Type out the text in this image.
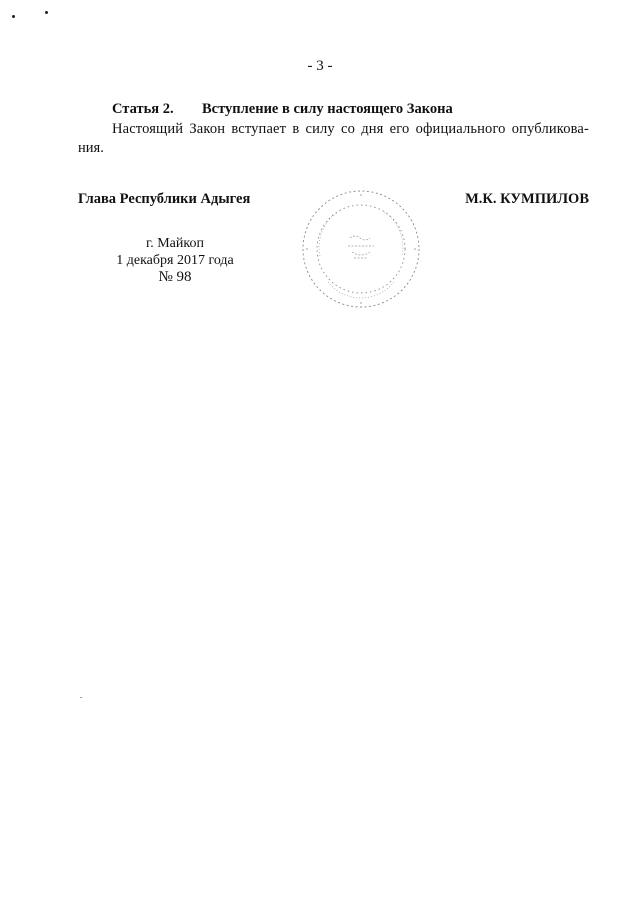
- 3 -
Статья 2. Вступление в силу настоящего Закона
Настоящий Закон вступает в силу со дня его официального опубликова-
ния.
Глава Республики Адыгея	М.К. КУМПИЛОВ
г. Майкоп
1 декабря 2017 года
№ 98
